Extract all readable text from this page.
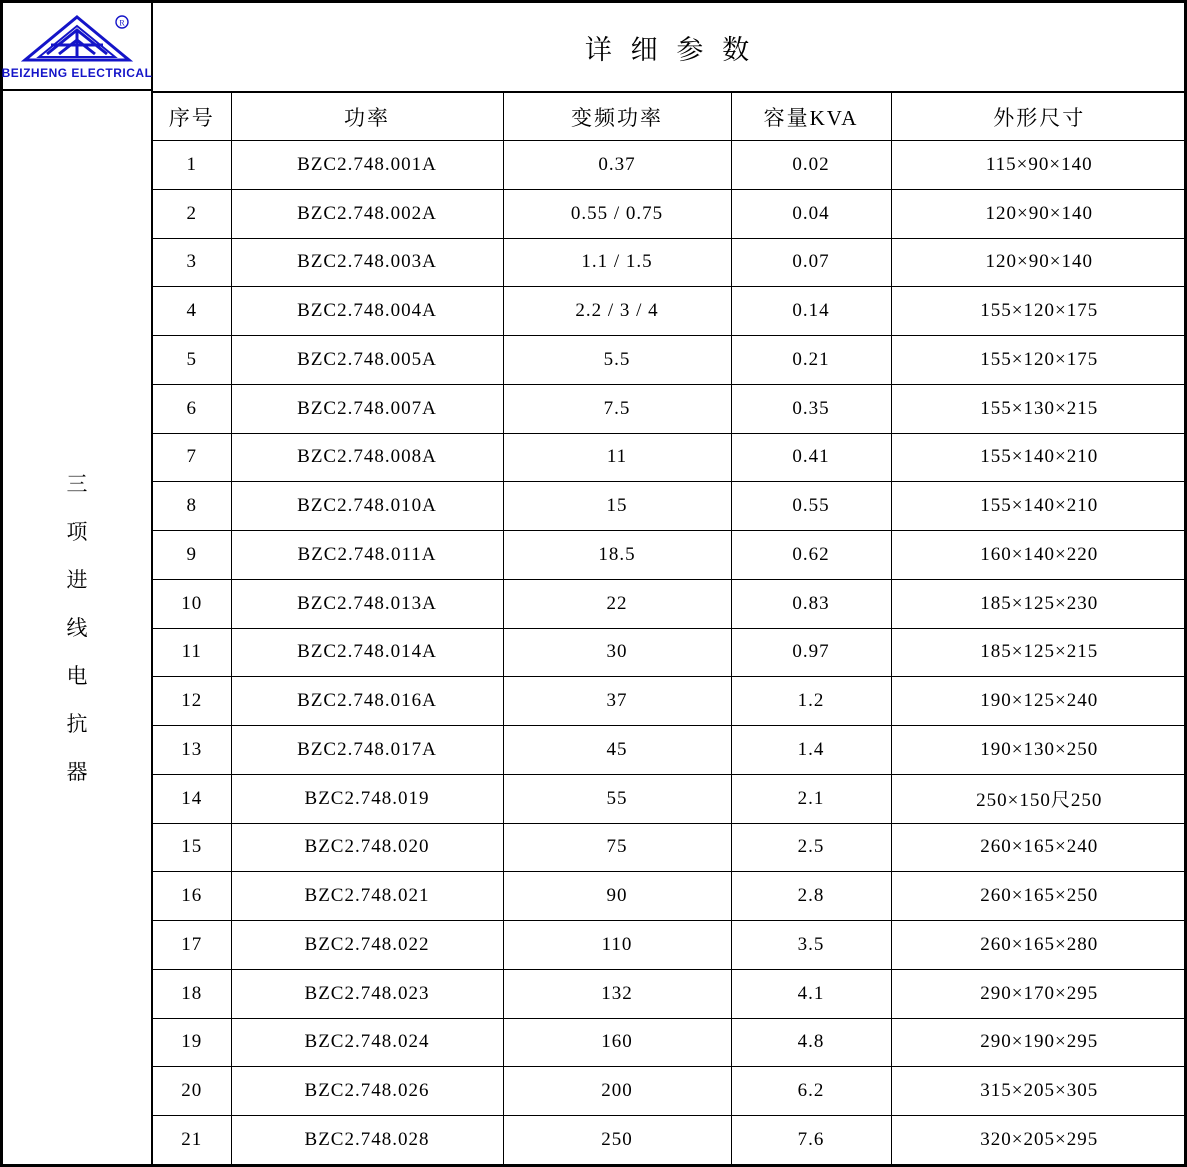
R
BEIZHENG ELECTRICAL
三
项
进
线
电
抗
器
详 细 参 数
序号	功率	变频功率	容量KVA	外形尺寸
1	BZC2.748.001A	0.37	0.02	115×90×140
2	BZC2.748.002A	0.55 / 0.75	0.04	120×90×140
3	BZC2.748.003A	1.1 / 1.5	0.07	120×90×140
4	BZC2.748.004A	2.2 / 3 / 4	0.14	155×120×175
5	BZC2.748.005A	5.5	0.21	155×120×175
6	BZC2.748.007A	7.5	0.35	155×130×215
7	BZC2.748.008A	11	0.41	155×140×210
8	BZC2.748.010A	15	0.55	155×140×210
9	BZC2.748.011A	18.5	0.62	160×140×220
10	BZC2.748.013A	22	0.83	185×125×230
11	BZC2.748.014A	30	0.97	185×125×215
12	BZC2.748.016A	37	1.2	190×125×240
13	BZC2.748.017A	45	1.4	190×130×250
14	BZC2.748.019	55	2.1	250×150尺250
15	BZC2.748.020	75	2.5	260×165×240
16	BZC2.748.021	90	2.8	260×165×250
17	BZC2.748.022	110	3.5	260×165×280
18	BZC2.748.023	132	4.1	290×170×295
19	BZC2.748.024	160	4.8	290×190×295
20	BZC2.748.026	200	6.2	315×205×305
21	BZC2.748.028	250	7.6	320×205×295
